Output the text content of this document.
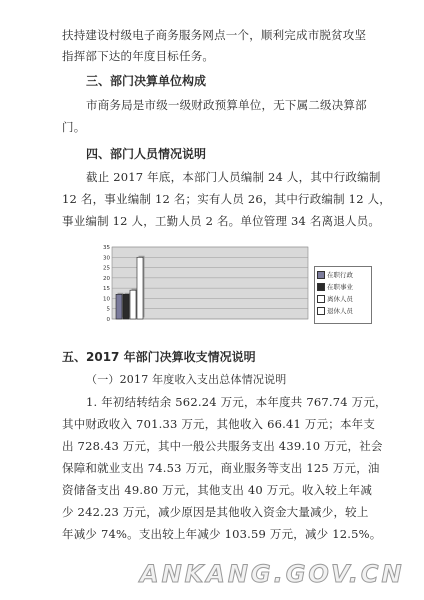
扶持建设村级电子商务服务网点一个，顺利完成市脱贫攻坚
指挥部下达的年度目标任务。
三、部门决算单位构成
市商务局是市级一级财政预算单位，无下属二级决算部
门。
四、部门人员情况说明
截止 2017 年底，本部门人员编制 24 人，其中行政编制
12 名，事业编制 12 名；实有人员 26，其中行政编制 12 人，
事业编制 12 人，工勤人员 2 名。单位管理 34 名离退人员。
0
5
10
15
20
25
30
35
在职行政
在职事业
离休人员
退休人员
五、2017 年部门决算收支情况说明
（一）2017 年度收入支出总体情况说明
1. 年初结转结余 562.24 万元，本年度共 767.74 万元，
其中财政收入 701.33 万元，其他收入 66.41 万元；本年支
出 728.43 万元，其中一般公共服务支出 439.10 万元，社会
保障和就业支出 74.53 万元，商业服务等支出 125 万元，油
资储备支出 49.80 万元，其他支出 40 万元。收入较上年减
少 242.23 万元，减少原因是其他收入资金大量减少，较上
年减少 74%。支出较上年减少 103.59 万元，减少 12.5%。
ANKANG.GOV.CN
